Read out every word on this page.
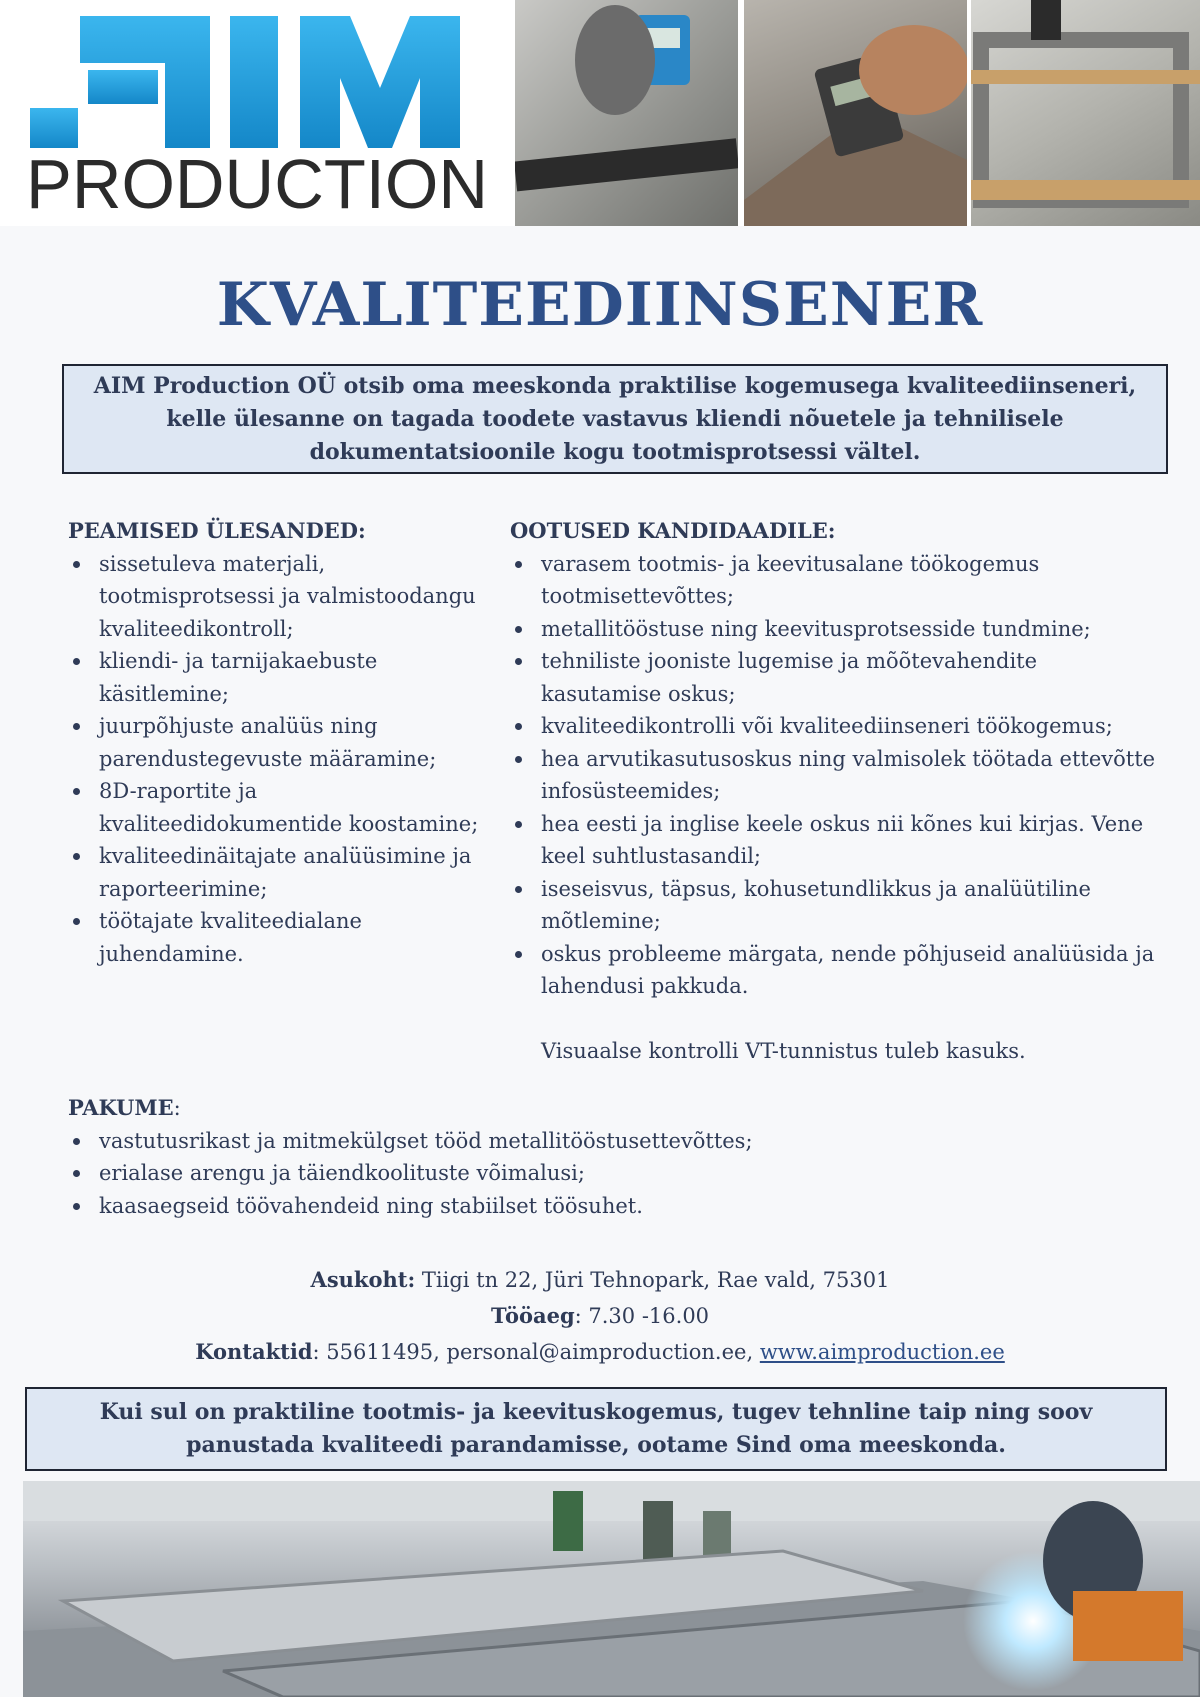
PRODUCTION
KVALITEEDIINSENER
AIM Production OÜ otsib oma meeskonda praktilise kogemusega kvaliteediinseneri, kelle ülesanne on tagada toodete vastavus kliendi nõuetele ja tehnilisele dokumentatsioonile kogu tootmisprotsessi vältel.

PEAMISED ÜLESANDED:

sissetuleva materjali, tootmisprotsessi ja valmistoodangu kvaliteedikontroll;
kliendi- ja tarnijakaebuste käsitlemine;
juurpõhjuste analüüs ning parendustegevuste määramine;
8D-raportite ja kvaliteedidokumentide koostamine;
kvaliteedinäitajate analüüsimine ja raporteerimine;
töötajate kvaliteedialane juhendamine.

OOTUSED KANDIDAADILE:

varasem tootmis- ja keevitusalane töökogemus tootmisettevõttes;
metallitööstuse ning keevitusprotsesside tundmine;
tehniliste jooniste lugemise ja mõõtevahendite kasutamise oskus;
kvaliteedikontrolli või kvaliteediinseneri töökogemus;
hea arvutikasutusoskus ning valmisolek töötada ettevõtte infosüsteemides;
hea eesti ja inglise keele oskus nii kõnes kui kirjas. Vene keel suhtlustasandil;
iseseisvus, täpsus, kohusetundlikkus ja analüütiline mõtlemine;
oskus probleeme märgata, nende põhjuseid analüüsida ja lahendusi pakkuda.
Visuaalse kontrolli VT-tunnistus tuleb kasuks.

PAKUME:

vastutusrikast ja mitmekülgset tööd metallitööstusettevõttes;
erialase arengu ja täiendkoolituste võimalusi;
kaasaegseid töövahendeid ning stabiilset töösuhet.
Asukoht: Tiigi tn 22, Jüri Tehnopark, Rae vald, 75301
Tööaeg: 7.30 -16.00
Kontaktid: 55611495, personal@aimproduction.ee, www.aimproduction.ee
Kui sul on praktiline tootmis- ja keevituskogemus, tugev tehnline taip ning soov panustada kvaliteedi parandamisse, ootame Sind oma meeskonda.
